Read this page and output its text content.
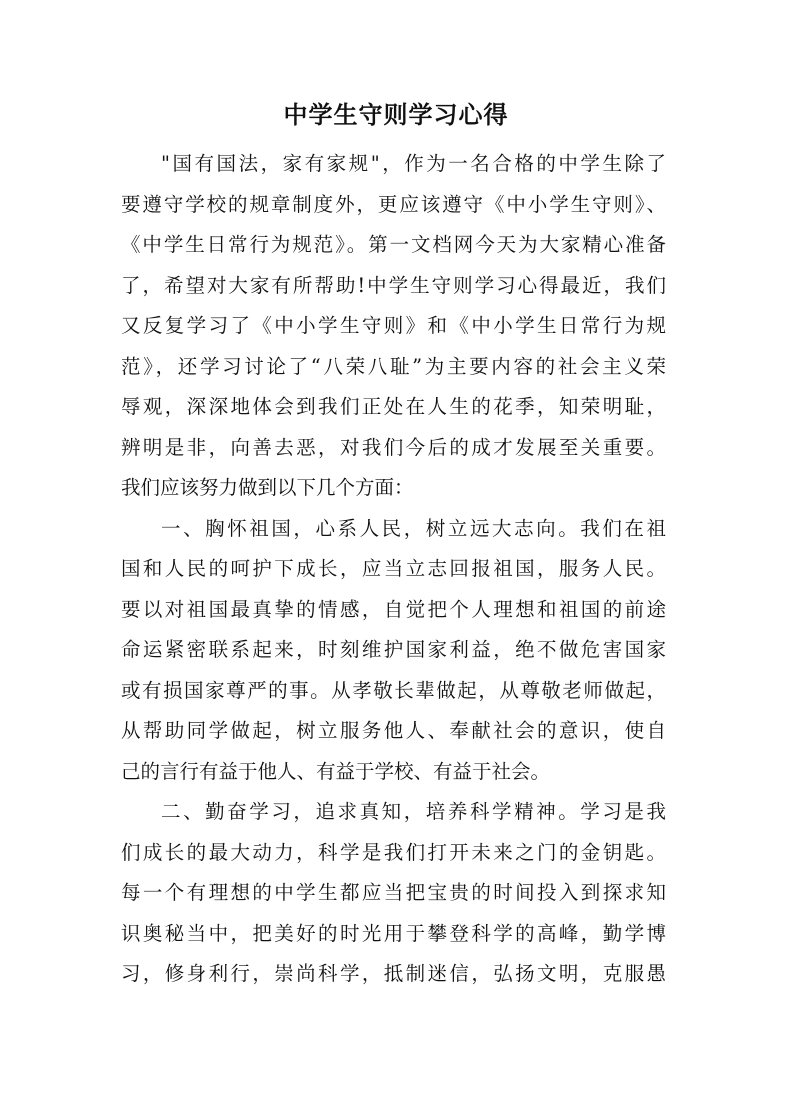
中学生守则学习心得
"国有国法，家有家规"，作为一名合格的中学生除了
要遵守学校的规章制度外，更应该遵守《中小学生守则》、
《中学生日常行为规范》。第一文档网今天为大家精心准备
了，希望对大家有所帮助!中学生守则学习心得最近，我们
又反复学习了《中小学生守则》和《中小学生日常行为规
范》，还学习讨论了“八荣八耻”为主要内容的社会主义荣
辱观，深深地体会到我们正处在人生的花季，知荣明耻，
辨明是非，向善去恶，对我们今后的成才发展至关重要。
我们应该努力做到以下几个方面：
一、胸怀祖国，心系人民，树立远大志向。我们在祖
国和人民的呵护下成长，应当立志回报祖国，服务人民。
要以对祖国最真挚的情感，自觉把个人理想和祖国的前途
命运紧密联系起来，时刻维护国家利益，绝不做危害国家
或有损国家尊严的事。从孝敬长辈做起，从尊敬老师做起，
从帮助同学做起，树立服务他人、奉献社会的意识，使自
己的言行有益于他人、有益于学校、有益于社会。
二、勤奋学习，追求真知，培养科学精神。学习是我
们成长的最大动力，科学是我们打开未来之门的金钥匙。
每一个有理想的中学生都应当把宝贵的时间投入到探求知
识奥秘当中，把美好的时光用于攀登科学的高峰，勤学博
习，修身利行，崇尚科学，抵制迷信，弘扬文明，克服愚
